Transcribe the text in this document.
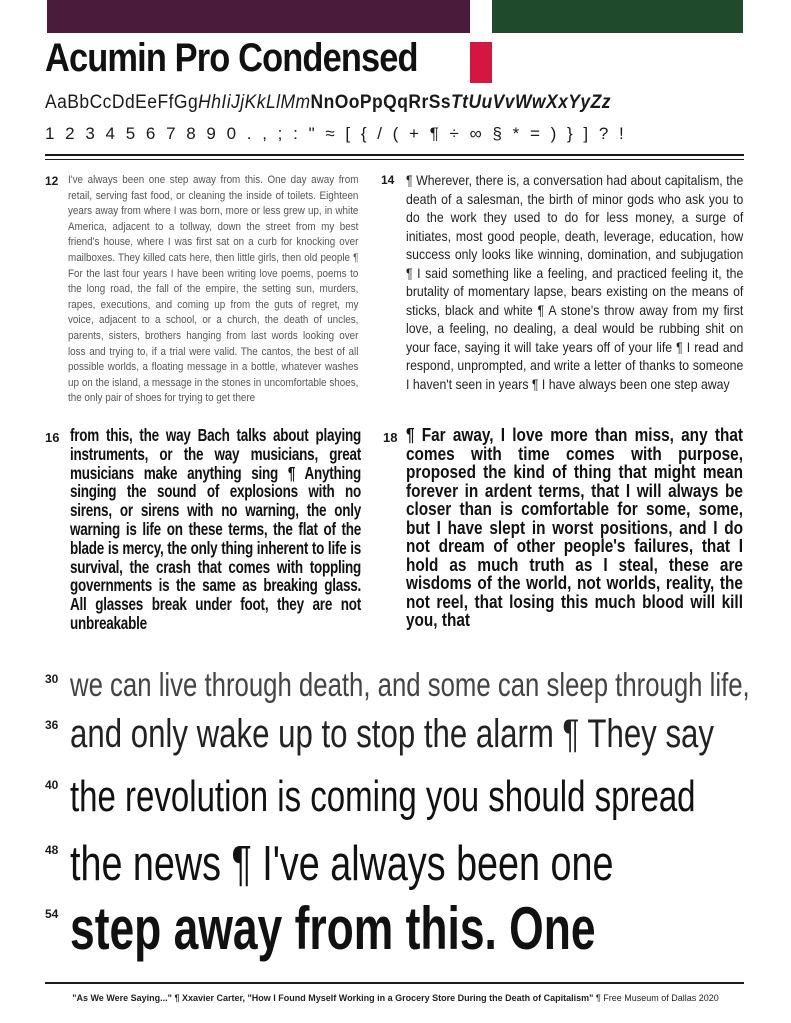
Acumin Pro Condensed
AaBbCcDdEeFfGgHhIiJjKkLlMmNnOoPpQqRrSsTtUuVvWwXxYyZz
1 2 3 4 5 6 7 8 9 0 . , ; : " ≈ [ { / ( + ¶ ÷ ∞ § * = ) } ] ? !
12 I've always been one step away from this. One day away from retail, serving fast food, or cleaning the inside of toilets. Eighteen years away from where I was born, more or less grew up, in white America, adjacent to a tollway, down the street from my best friend's house, where I was first sat on a curb for knocking over mailboxes. They killed cats here, then little girls, then old people ¶ For the last four years I have been writing love poems, poems to the long road, the fall of the empire, the setting sun, murders, rapes, executions, and coming up from the guts of regret, my voice, adjacent to a school, or a church, the death of uncles, parents, sisters, brothers hanging from last words looking over loss and trying to, if a trial were valid. The cantos, the best of all possible worlds, a floating message in a bottle, whatever washes up on the island, a message in the stones in uncomfortable shoes, the only pair of shoes for trying to get there

14 ¶ Wherever, there is, a conversation had about capitalism, the death of a salesman, the birth of minor gods who ask you to do the work they used to do for less money, a surge of initiates, most good people, death, leverage, education, how success only looks like winning, domination, and subjugation ¶ I said something like a feeling, and practiced feeling it, the brutality of momentary lapse, bears existing on the means of sticks, black and white ¶ A stone's throw away from my first love, a feeling, no dealing, a deal would be rubbing shit on your face, saying it will take years off of your life ¶ I read and respond, unprompted, and write a letter of thanks to someone I haven't seen in years ¶ I have always been one step away

16 from this, the way Bach talks about playing instruments, or the way musicians, great musicians make anything sing ¶ Anything singing the sound of explosions with no sirens, or sirens with no warning, the only warning is life on these terms, the flat of the blade is mercy, the only thing inherent to life is survival, the crash that comes with toppling governments is the same as breaking glass. All glasses break under foot, they are not unbreakable

18 ¶ Far away, I love more than miss, any that comes with time comes with purpose, proposed the kind of thing that might mean forever in ardent terms, that I will always be closer than is comfortable for some, some, but I have slept in worst positions, and I do not dream of other people's failures, that I hold as much truth as I steal, these are wisdoms of the world, not worlds, reality, the not reel, that losing this much blood will kill you, that

30 we can live through death, and some can sleep through life,

36 and only wake up to stop the alarm ¶ They say

40 the revolution is coming you should spread

48 the news ¶ I've always been one

54 step away from this. One

"As We Were Saying..." ¶ Xxavier Carter, "How I Found Myself Working in a Grocery Store During the Death of Capitalism" ¶ Free Museum of Dallas 2020
